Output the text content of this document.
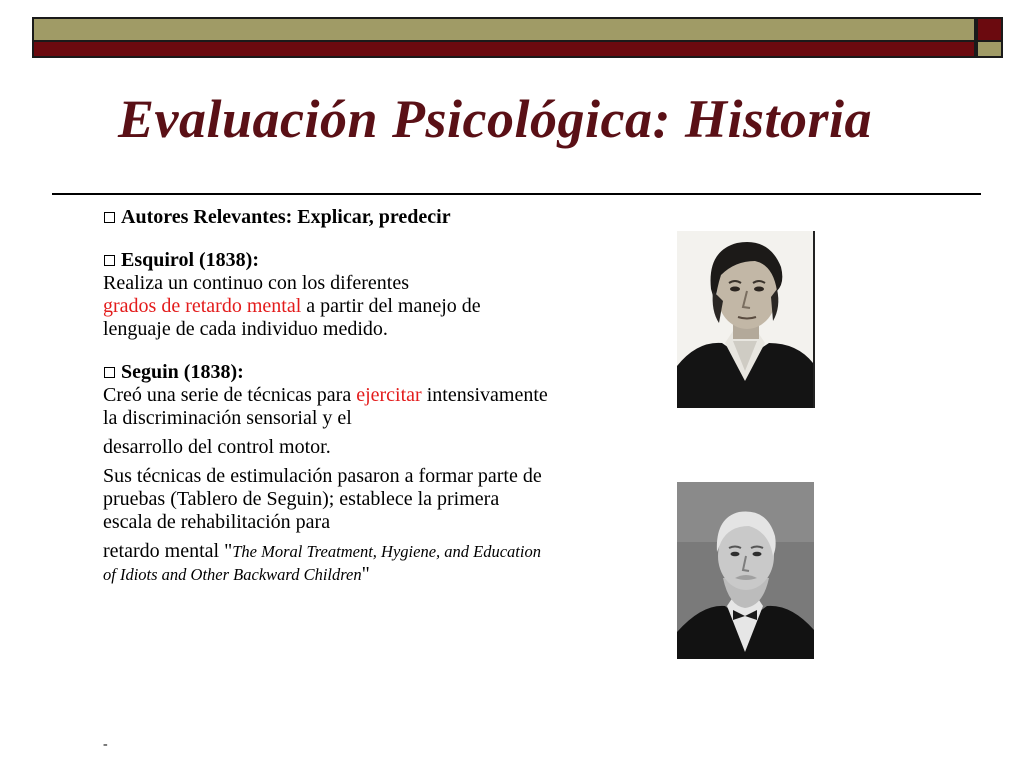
Evaluación Psicológica: Historia
Autores Relevantes: Explicar, predecir
Esquirol (1838):

Realiza un continuo con los diferentes
grados de retardo mental a partir del manejo de lenguaje de cada individuo medido.

Seguin (1838):

Creó una serie de técnicas para ejercitar intensivamente la discriminación sensorial y el

desarrollo del control motor.

Sus técnicas de estimulación pasaron a formar parte de pruebas (Tablero de Seguin); establece la primera escala de rehabilitación para

retardo mental "The Moral Treatment, Hygiene, and Education of Idiots and Other Backward Children"

-
